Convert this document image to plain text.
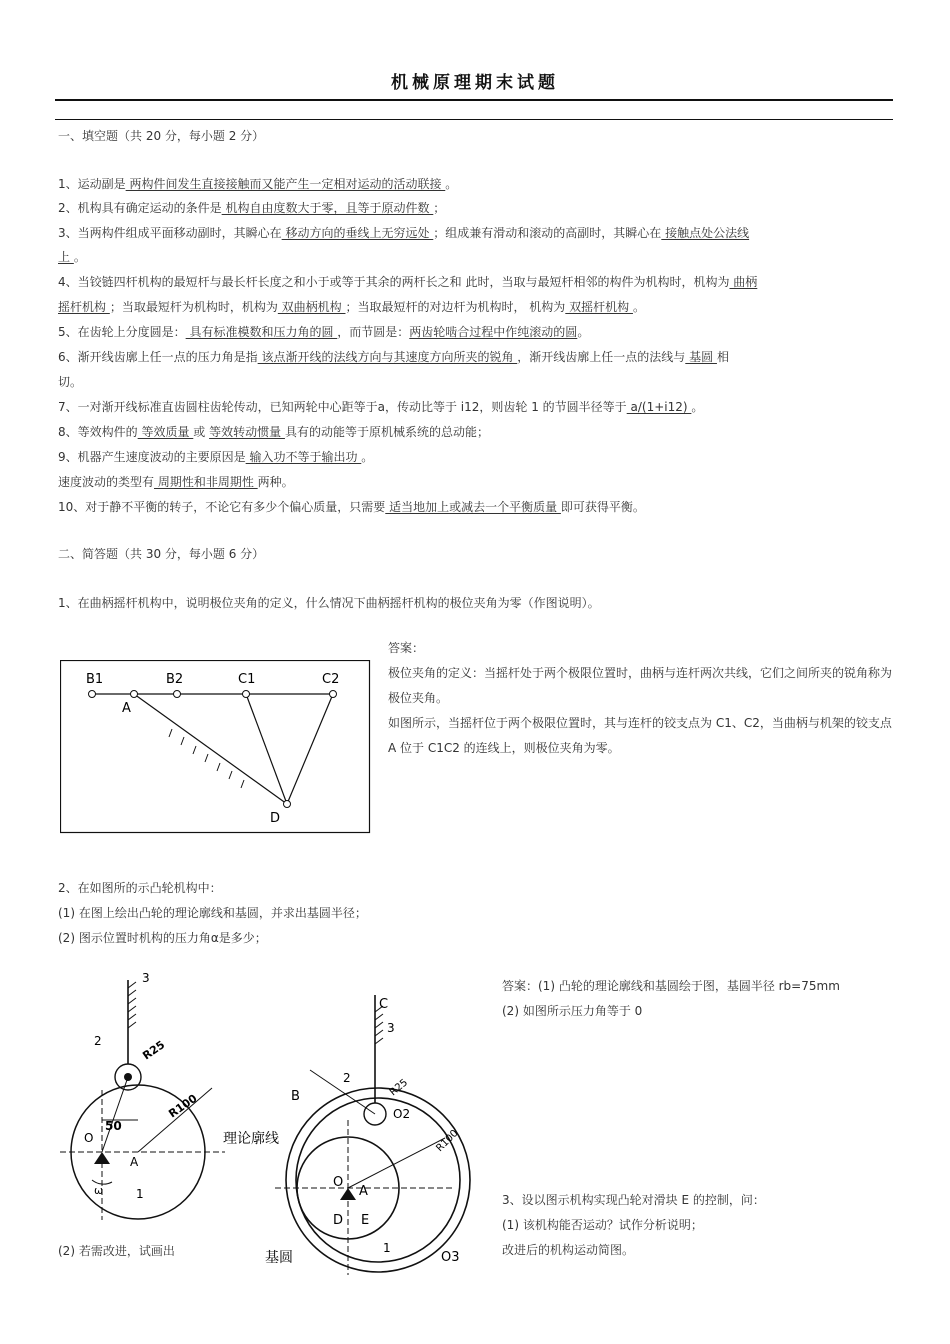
机械原理期末试题
一、填空题（共 20 分，每小题 2 分）
1、运动副是 两构件间发生直接接触而又能产生一定相对运动的活动联接 。
2、机构具有确定运动的条件是 机构自由度数大于零，且等于原动件数 ；
3、当两构件组成平面移动副时，其瞬心在 移动方向的垂线上无穷远处 ；组成兼有滑动和滚动的高副时，其瞬心在 接触点处公法线
上 。
4、当铰链四杆机构的最短杆与最长杆长度之和小于或等于其余的两杆长之和 此时，当取与最短杆相邻的构件为机构时，机构为 曲柄
摇杆机构 ；当取最短杆为机构时，机构为 双曲柄机构 ；当取最短杆的对边杆为机构时， 机构为 双摇杆机构 。
5、在齿轮上分度圆是： 具有标准模数和压力角的圆 ，而节圆是：两齿轮啮合过程中作纯滚动的圆。
6、渐开线齿廓上任一点的压力角是指 该点渐开线的法线方向与其速度方向所夹的锐角 ，渐开线齿廓上任一点的法线与 基圆 相
切。
7、一对渐开线标准直齿圆柱齿轮传动，已知两轮中心距等于a，传动比等于 i12，则齿轮 1 的节圆半径等于 a/(1+i12) 。
8、等效构件的 等效质量 或 等效转动惯量 具有的动能等于原机械系统的总动能；
9、机器产生速度波动的主要原因是 输入功不等于输出功 。
速度波动的类型有 周期性和非周期性 两种。
10、对于静不平衡的转子，不论它有多少个偏心质量，只需要 适当地加上或减去一个平衡质量 即可获得平衡。
二、简答题（共 30 分，每小题 6 分）
1、在曲柄摇杆机构中，说明极位夹角的定义，什么情况下曲柄摇杆机构的极位夹角为零（作图说明）。
答案：
极位夹角的定义：当摇杆处于两个极限位置时，曲柄与连杆两次共线，它们之间所夹的锐角称为极位夹角。
如图所示，当摇杆位于两个极限位置时，其与连杆的铰支点为 C1、C2，当曲柄与机架的铰支点 A 位于 C1C2 的连线上，则极位夹角为零。
B1	B2	C1	C2
A
D
2、在如图所的示凸轮机构中：
(1) 在图上绘出凸轮的理论廓线和基圆，并求出基圆半径；
(2) 图示位置时机构的压力角α是多少；
答案：(1) 凸轮的理论廓线和基圆绘于图，基圆半径 rb=75mm
(2) 如图所示压力角等于 0
3
2	R25
R100
50
O
A
ω	1
C
3
2
B	R25
O2
R100
理论廓线
O
A
D E
1
O3
基圆
3、设以图示机构实现凸轮对滑块 E 的控制，问：
(1) 该机构能否运动？试作分析说明；
改进后的机构运动简图。
(2) 若需改进，试画出
